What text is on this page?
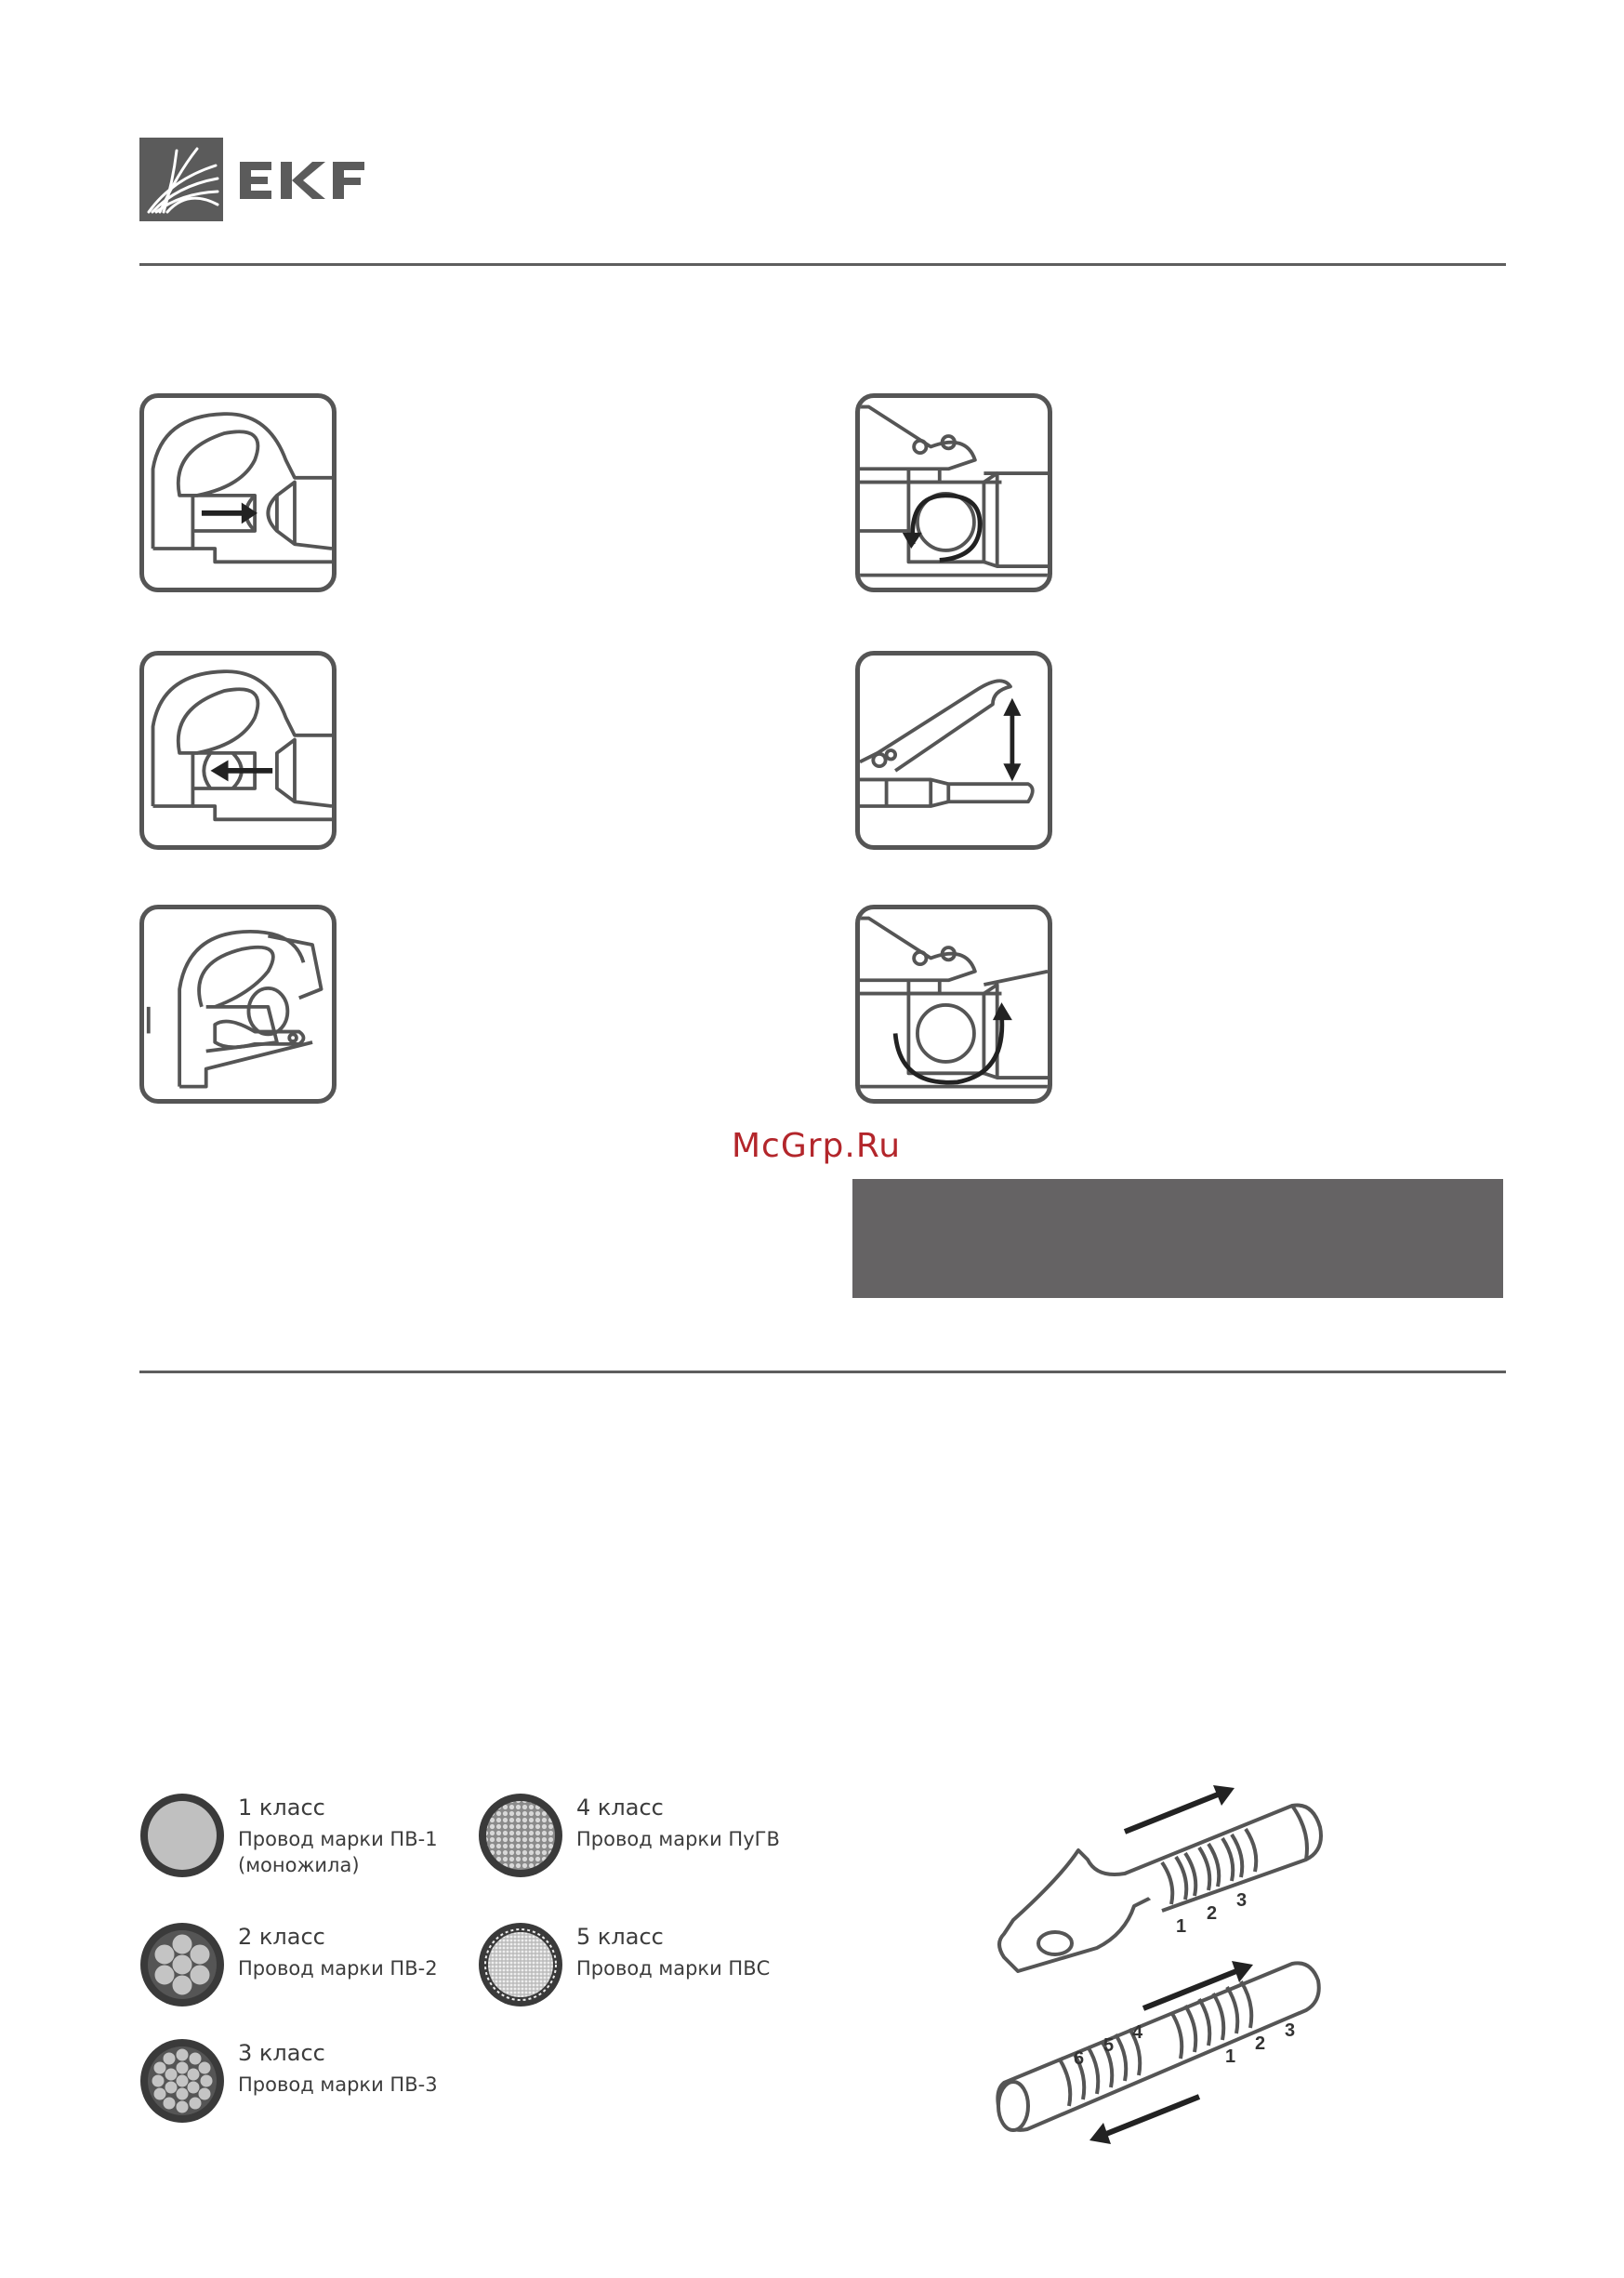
McGrp.Ru
1 класс
Провод марки ПВ-1
(моножила)
2 класс
Провод марки ПВ-2
3 класс
Провод марки ПВ-3
4 класс
Провод марки ПуГВ
5 класс
Провод марки ПВС
1
2
3
6
5
4
1
2
3
